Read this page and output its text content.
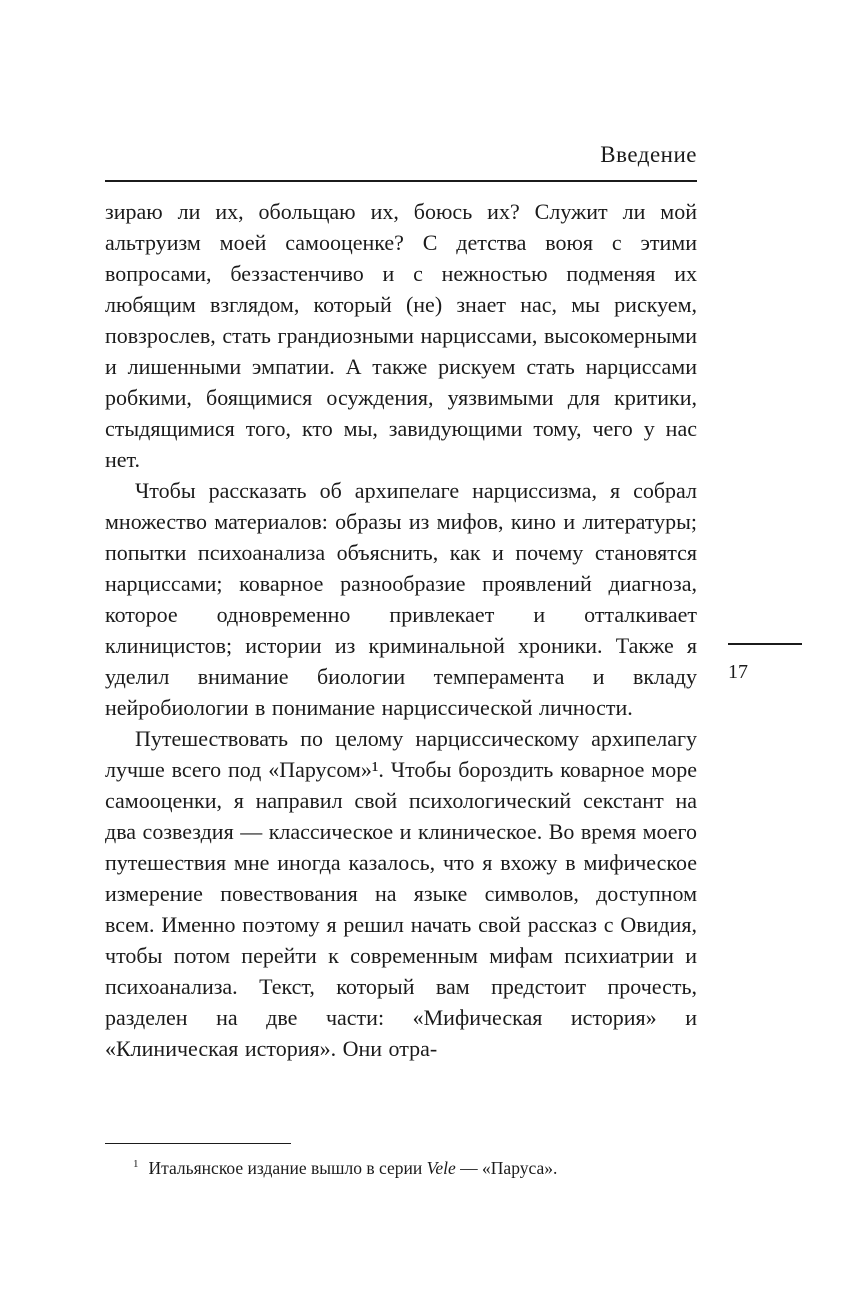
Введение

зираю ли их, обольщаю их, боюсь их? Служит ли мой альтруизм моей самооценке? С детства воюя с этими вопросами, беззастенчиво и с нежностью подменяя их любящим взглядом, который (не) знает нас, мы рискуем, повзрослев, стать грандиозными нарциссами, высокомерными и лишенными эмпатии. А также рискуем стать нарциссами робкими, боящимися осуждения, уязвимыми для критики, стыдящимися того, кто мы, завидующими тому, чего у нас нет.

Чтобы рассказать об архипелаге нарциссизма, я собрал множество материалов: образы из мифов, кино и литературы; попытки психоанализа объяснить, как и почему становятся нарциссами; коварное разнообразие проявлений диагноза, которое одновременно привлекает и отталкивает клиницистов; истории из криминальной хроники. Также я уделил внимание биологии темперамента и вкладу нейробиологии в понимание нарциссической личности.

Путешествовать по целому нарциссическому архипелагу лучше всего под «Парусом»¹. Чтобы бороздить коварное море самооценки, я направил свой психологический секстант на два созвездия — классическое и клиническое. Во время моего путешествия мне иногда казалось, что я вхожу в мифическое измерение повествования на языке символов, доступном всем. Именно поэтому я решил начать свой рассказ с Овидия, чтобы потом перейти к современным мифам психиатрии и психоанализа. Текст, который вам предстоит прочесть, разделен на две части: «Мифическая история» и «Клиническая история». Они отра-

17

$^1$ Итальянское издание вышло в серии Vele — «Паруса».
